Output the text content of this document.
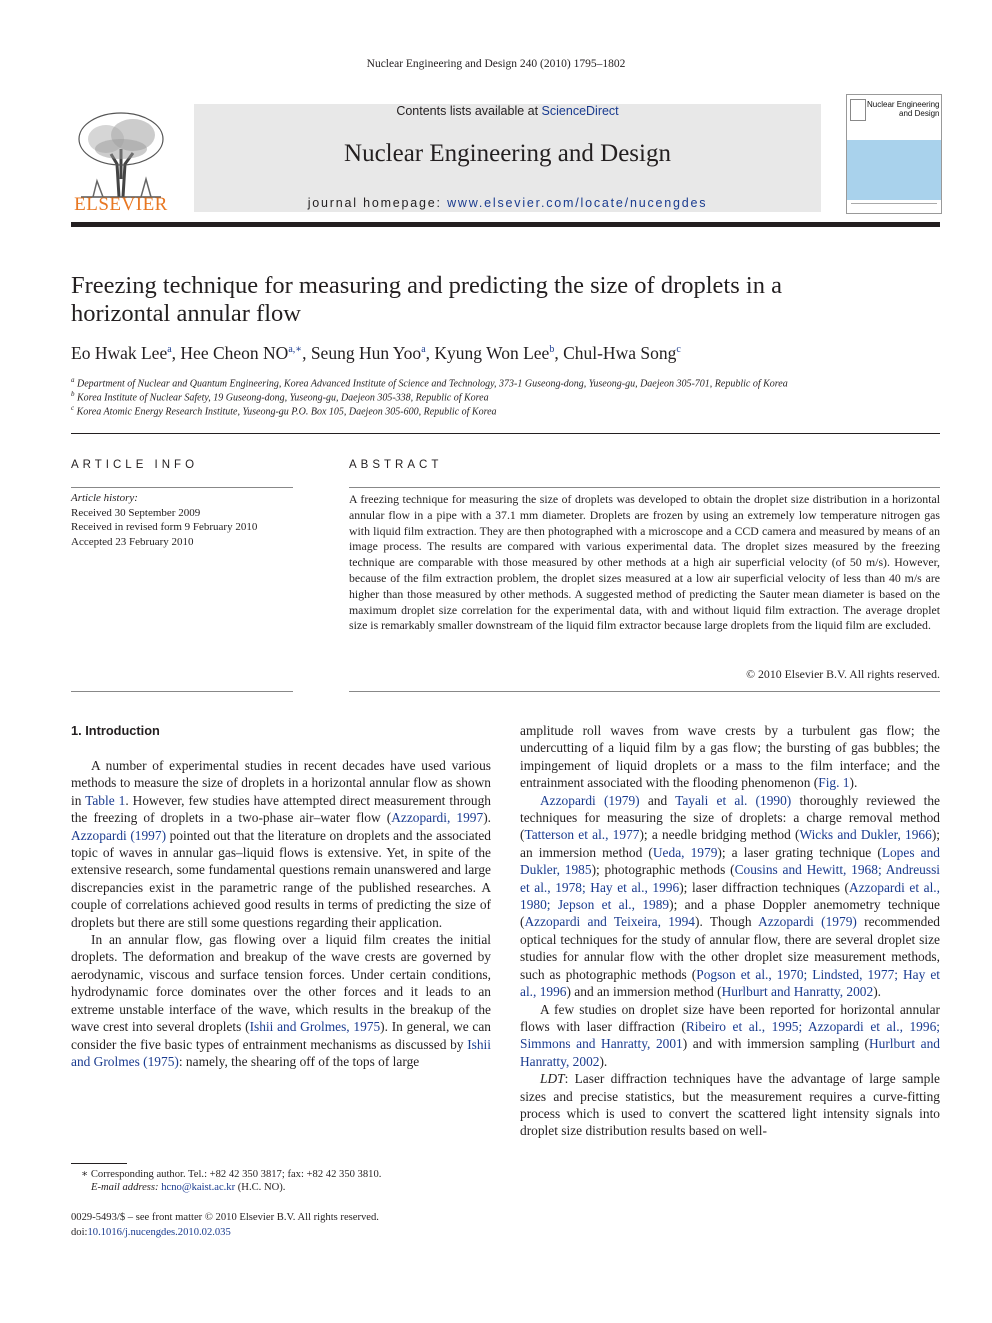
Nuclear Engineering and Design 240 (2010) 1795–1802
ELSEVIER
Contents lists available at ScienceDirect
Nuclear Engineering and Design
journal homepage: www.elsevier.com/locate/nucengdes
Nuclear Engineering
and Design
Freezing technique for measuring and predicting the size of droplets in a
horizontal annular flow
Eo Hwak Lee$^a$, Hee Cheon $NO^{a,∗}$, Seung Hun Yoo$^a$, Kyung Won Lee$^b$, Chul-Hwa Song$^c$
$^a$ Department of Nuclear and Quantum Engineering, Korea Advanced Institute of Science and Technology, 373-1 Guseong-dong, Yuseong-gu, Daejeon 305-701, Republic of Korea
$^b$ Korea Institute of Nuclear Safety, 19 Guseong-dong, Yuseong-gu, Daejeon 305-338, Republic of Korea
$^c$ Korea Atomic Energy Research Institute, Yuseong-gu P.O. Box 105, Daejeon 305-600, Republic of Korea
ARTICLE INFO
Article history:
Received 30 September 2009
Received in revised form 9 February 2010
Accepted 23 February 2010
ABSTRACT
A freezing technique for measuring the size of droplets was developed to obtain the droplet size distribution in a horizontal annular flow in a pipe with a 37.1 mm diameter. Droplets are frozen by using an extremely low temperature nitrogen gas with liquid film extraction. They are then photographed with a microscope and a CCD camera and measured by means of an image process. The results are compared with various experimental data. The droplet sizes measured by the freezing technique are comparable with those measured by other methods at a high air superficial velocity (of 50 m/s). However, because of the film extraction problem, the droplet sizes measured at a low air superficial velocity of less than 40 m/s are higher than those measured by other methods. A suggested method of predicting the Sauter mean diameter is based on the maximum droplet size correlation for the experimental data, with and without liquid film extraction. The average droplet size is remarkably smaller downstream of the liquid film extractor because large droplets from the liquid film are excluded.
© 2010 Elsevier B.V. All rights reserved.
1. Introduction

A number of experimental studies in recent decades have used various methods to measure the size of droplets in a horizontal annular flow as shown in Table 1. However, few studies have attempted direct measurement through the freezing of droplets in a two-phase air–water flow (Azzopardi, 1997). Azzopardi (1997) pointed out that the literature on droplets and the associated topic of waves in annular gas–liquid flows is extensive. Yet, in spite of the extensive research, some fundamental questions remain unanswered and large discrepancies exist in the parametric range of the published researches. A couple of correlations achieved good results in terms of predicting the size of droplets but there are still some questions regarding their application.

In an annular flow, gas flowing over a liquid film creates the initial droplets. The deformation and breakup of the wave crests are governed by aerodynamic, viscous and surface tension forces. Under certain conditions, hydrodynamic force dominates over the other forces and it leads to an extreme unstable interface of the wave, which results in the breakup of the wave crest into several droplets (Ishii and Grolmes, 1975). In general, we can consider the five basic types of entrainment mechanisms as discussed by Ishii and Grolmes (1975): namely, the shearing off of the tops of large

amplitude roll waves from wave crests by a turbulent gas flow; the undercutting of a liquid film by a gas flow; the bursting of gas bubbles; the impingement of liquid droplets or a mass to the film interface; and the entrainment associated with the flooding phenomenon (Fig. 1).

Azzopardi (1979) and Tayali et al. (1990) thoroughly reviewed the techniques for measuring the size of droplets: a charge removal method (Tatterson et al., 1977); a needle bridging method (Wicks and Dukler, 1966); an immersion method (Ueda, 1979); a laser grating technique (Lopes and Dukler, 1985); photographic methods (Cousins and Hewitt, 1968; Andreussi et al., 1978; Hay et al., 1996); laser diffraction techniques (Azzopardi et al., 1980; Jepson et al., 1989); and a phase Doppler anemometry technique (Azzopardi and Teixeira, 1994). Though Azzopardi (1979) recommended optical techniques for the study of annular flow, there are several droplet size studies for annular flow with the other droplet size measurement methods, such as photographic methods (Pogson et al., 1970; Lindsted, 1977; Hay et al., 1996) and an immersion method (Hurlburt and Hanratty, 2002).

A few studies on droplet size have been reported for horizontal annular flows with laser diffraction (Ribeiro et al., 1995; Azzopardi et al., 1996; Simmons and Hanratty, 2001) and with immersion sampling (Hurlburt and Hanratty, 2002).

LDT: Laser diffraction techniques have the advantage of large sample sizes and precise statistics, but the measurement requires a curve-fitting process which is used to convert the scattered light intensity signals into droplet size distribution results based on well-

∗ Corresponding author. Tel.: +82 42 350 3817; fax: +82 42 350 3810.
E-mail address: hcno@kaist.ac.kr (H.C. NO).
0029-5493/$ – see front matter © 2010 Elsevier B.V. All rights reserved.
doi:10.1016/j.nucengdes.2010.02.035
